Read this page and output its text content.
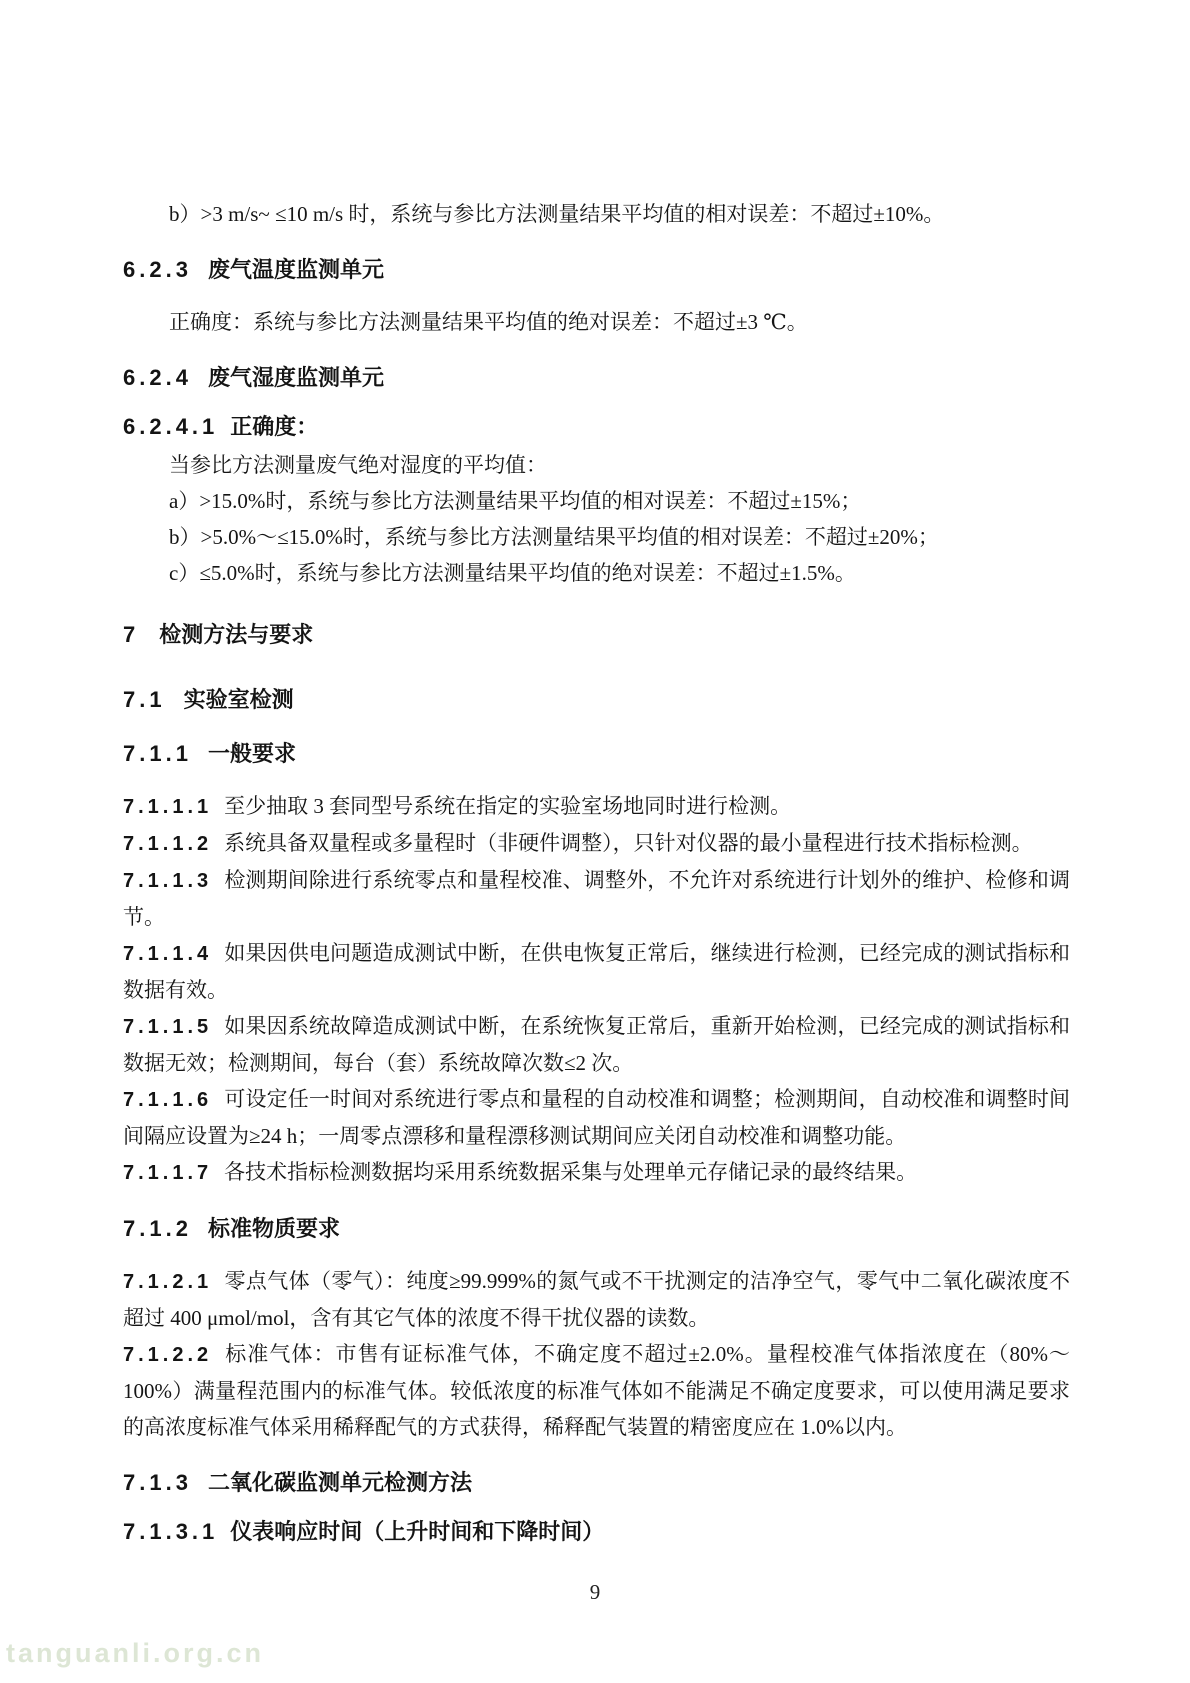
b）>3 m/s~ ≤10 m/s 时，系统与参比方法测量结果平均值的相对误差：不超过±10%。

6.2.3 废气温度监测单元

正确度：系统与参比方法测量结果平均值的绝对误差：不超过±3 ℃。

6.2.4 废气湿度监测单元
6.2.4.1 正确度：

当参比方法测量废气绝对湿度的平均值：

a）>15.0%时，系统与参比方法测量结果平均值的相对误差：不超过±15%；

b）>5.0%～≤15.0%时，系统与参比方法测量结果平均值的相对误差：不超过±20%；

c）≤5.0%时，系统与参比方法测量结果平均值的绝对误差：不超过±1.5%。

7 检测方法与要求
7.1 实验室检测
7.1.1 一般要求

7.1.1.1 至少抽取 3 套同型号系统在指定的实验室场地同时进行检测。

7.1.1.2 系统具备双量程或多量程时（非硬件调整），只针对仪器的最小量程进行技术指标检测。

7.1.1.3 检测期间除进行系统零点和量程校准、调整外，不允许对系统进行计划外的维护、检修和调节。

7.1.1.4 如果因供电问题造成测试中断，在供电恢复正常后，继续进行检测，已经完成的测试指标和数据有效。

7.1.1.5 如果因系统故障造成测试中断，在系统恢复正常后，重新开始检测，已经完成的测试指标和数据无效；检测期间，每台（套）系统故障次数≤2 次。

7.1.1.6 可设定任一时间对系统进行零点和量程的自动校准和调整；检测期间，自动校准和调整时间间隔应设置为≥24 h；一周零点漂移和量程漂移测试期间应关闭自动校准和调整功能。

7.1.1.7 各技术指标检测数据均采用系统数据采集与处理单元存储记录的最终结果。

7.1.2 标准物质要求

7.1.2.1 零点气体（零气）：纯度≥99.999%的氮气或不干扰测定的洁净空气，零气中二氧化碳浓度不超过 400 μmol/mol，含有其它气体的浓度不得干扰仪器的读数。

7.1.2.2 标准气体：市售有证标准气体，不确定度不超过±2.0%。量程校准气体指浓度在（80%～100%）满量程范围内的标准气体。较低浓度的标准气体如不能满足不确定度要求，可以使用满足要求的高浓度标准气体采用稀释配气的方式获得，稀释配气装置的精密度应在 1.0%以内。

7.1.3 二氧化碳监测单元检测方法
7.1.3.1 仪表响应时间（上升时间和下降时间）
9
tanguanli.org.cn
